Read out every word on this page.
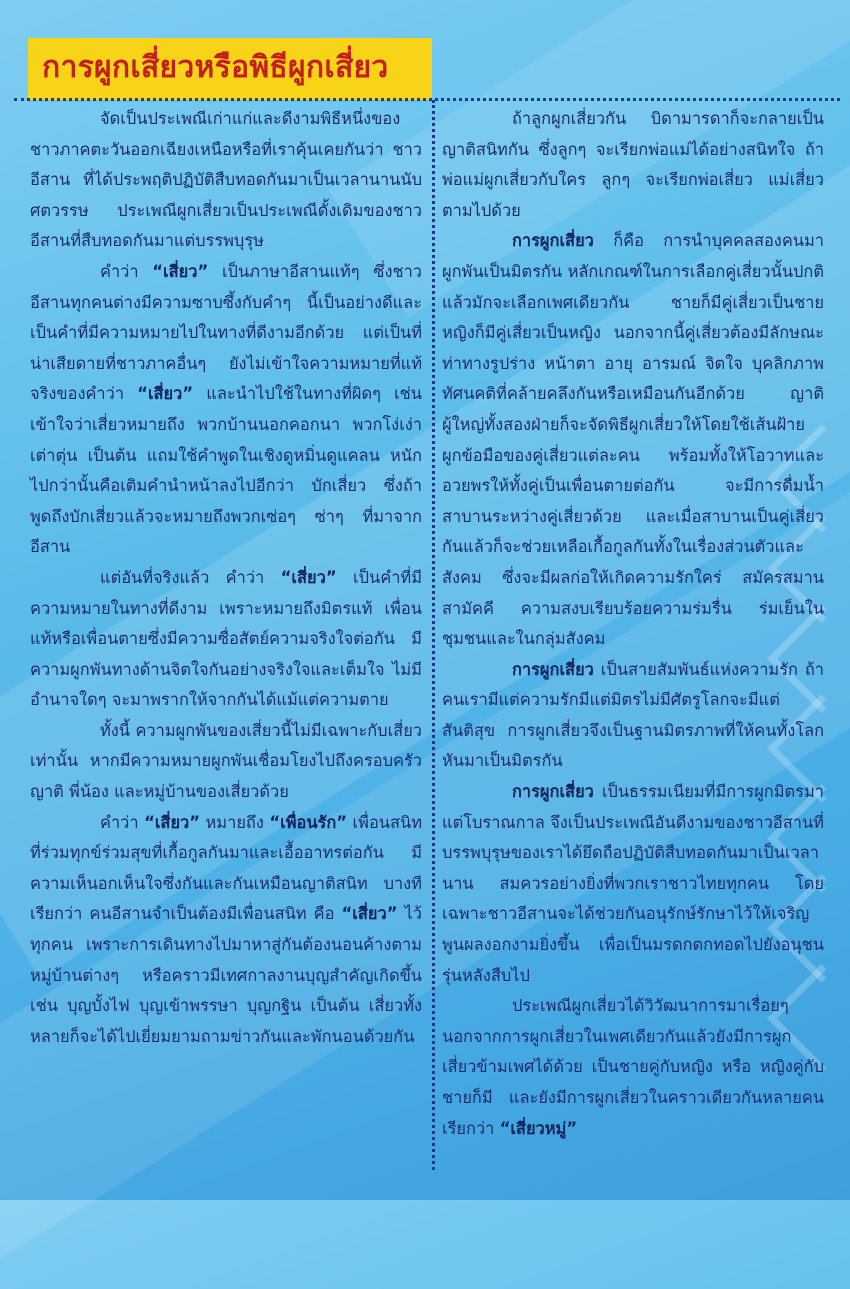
การผูกเสี่ยวหรือพิธีผูกเสี่ยว

จัดเป็นประเพณีเก่าแก่และดีงามพิธีหนึ่งของชาวภาคตะวันออกเฉียงเหนือหรือที่เราคุ้นเคยกันว่า ชาวอีสาน ที่ได้ประพฤติปฏิบัติสืบทอดกันมาเป็นเวลานานนับศตวรรษ ประเพณีผูกเสี่ยวเป็นประเพณีดั้งเดิมของชาวอีสานที่สืบทอดกันมาแต่บรรพบุรุษ

คำว่า “เสี่ยว” เป็นภาษาอีสานแท้ๆ ซึ่งชาวอีสานทุกคนต่างมีความซาบซึ้งกับคำๆ นี้เป็นอย่างดีและเป็นคำที่มีความหมายไปในทางที่ดีงามอีกด้วย แต่เป็นที่น่าเสียดายที่ชาวภาคอื่นๆ ยังไม่เข้าใจความหมายที่แท้จริงของคำว่า “เสี่ยว” และนำไปใช้ในทางที่ผิดๆ เช่น เข้าใจว่าเสี่ยวหมายถึง พวกบ้านนอกคอกนา พวกโง่เง่าเต่าตุ่น เป็นต้น แถมใช้คำพูดในเชิงดูหมิ่นดูแคลน หนักไปกว่านั้นคือเติมคำนำหน้าลงไปอีกว่า บักเสี่ยว ซึ่งถ้า พูดถึงบักเสี่ยวแล้วจะหมายถึงพวกเซ่อๆ ซ่าๆ ที่มาจากอีสาน

แต่อันที่จริงแล้ว คำว่า “เสี่ยว” เป็นคำที่มีความหมายในทางที่ดีงาม เพราะหมายถึงมิตรแท้ เพื่อนแท้หรือเพื่อนตายซึ่งมีความซื่อสัตย์ความจริงใจต่อกัน มีความผูกพันทางด้านจิตใจกันอย่างจริงใจและเต็มใจ ไม่มีอำนาจใดๆ จะมาพรากให้จากกันได้แม้แต่ความตาย

ทั้งนี้ ความผูกพันของเสี่ยวนี้ไม่มีเฉพาะกับเสี่ยวเท่านั้น หากมีความหมายผูกพันเชื่อมโยงไปถึงครอบครัว ญาติ พี่น้อง และหมู่บ้านของเสี่ยวด้วย

คำว่า “เสี่ยว” หมายถึง “เพื่อนรัก” เพื่อนสนิทที่ร่วมทุกข์ร่วมสุขที่เกื้อกูลกันมาและเอื้ออาทรต่อกัน มีความเห็นอกเห็นใจซึ่งกันและกันเหมือนญาติสนิท บางทีเรียกว่า คนอีสานจำเป็นต้องมีเพื่อนสนิท คือ “เสี่ยว” ไว้ทุกคน เพราะการเดินทางไปมาหาสู่กันต้องนอนค้างตามหมู่บ้านต่างๆ หรือคราวมีเทศกาลงานบุญสำคัญเกิดขึ้น เช่น บุญบั้งไฟ บุญเข้าพรรษา บุญกฐิน เป็นต้น เสี่ยวทั้งหลายก็จะได้ไปเยี่ยมยามถามข่าวกันและพักนอนด้วยกัน

ถ้าลูกผูกเสี่ยวกัน บิดามารดาก็จะกลายเป็นญาติสนิทกัน ซึ่งลูกๆ จะเรียกพ่อแม่ได้อย่างสนิทใจ ถ้าพ่อแม่ผูกเสี่ยวกับใคร ลูกๆ จะเรียกพ่อเสี่ยว แม่เสี่ยวตามไปด้วย

การผูกเสี่ยว ก็คือ การนำบุคคลสองคนมาผูกพันเป็นมิตรกัน หลักเกณฑ์ในการเลือกคู่เสี่ยวนั้นปกติแล้วมักจะเลือกเพศเดียวกัน ชายก็มีคู่เสี่ยวเป็นชาย หญิงก็มีคู่เสี่ยวเป็นหญิง นอกจากนี้คู่เสี่ยวต้องมีลักษณะ ท่าทางรูปร่าง หน้าตา อายุ อารมณ์ จิตใจ บุคลิกภาพ ทัศนคติที่คล้ายคลึงกันหรือเหมือนกันอีกด้วย ญาติผู้ใหญ่ทั้งสองฝ่ายก็จะจัดพิธีผูกเสี่ยวให้โดยใช้เส้นฝ้ายผูกข้อมือของคู่เสี่ยวแต่ละคน พร้อมทั้งให้โอวาทและอวยพรให้ทั้งคู่เป็นเพื่อนตายต่อกัน จะมีการดื่มน้ำสาบานระหว่างคู่เสี่ยวด้วย และเมื่อสาบานเป็นคู่เสี่ยวกันแล้วก็จะช่วยเหลือเกื้อกูลกันทั้งในเรื่องส่วนตัวและสังคม ซึ่งจะมีผลก่อให้เกิดความรักใคร่ สมัครสมานสามัคคี ความสงบเรียบร้อยความร่มรื่น ร่มเย็นในชุมชนและในกลุ่มสังคม

การผูกเสี่ยว เป็นสายสัมพันธ์แห่งความรัก ถ้าคนเรามีแต่ความรักมีแต่มิตรไม่มีศัตรูโลกจะมีแต่สันติสุข การผูกเสี่ยวจึงเป็นฐานมิตรภาพที่ให้คนทั้งโลกหันมาเป็นมิตรกัน

การผูกเสี่ยว เป็นธรรมเนียมที่มีการผูกมิตรมาแต่โบราณกาล จึงเป็นประเพณีอันดีงามของชาวอีสานที่บรรพบุรุษของเราได้ยึดถือปฏิบัติสืบทอดกันมาเป็นเวลานาน สมควรอย่างยิ่งที่พวกเราชาวไทยทุกคน โดยเฉพาะชาวอีสานจะได้ช่วยกันอนุรักษ์รักษาไว้ให้เจริญพูนผลงอกงามยิ่งขึ้น เพื่อเป็นมรดกตกทอดไปยังอนุชนรุ่นหลังสืบไป

ประเพณีผูกเสี่ยวได้วิวัฒนาการมาเรื่อยๆ นอกจากการผูกเสี่ยวในเพศเดียวกันแล้วยังมีการผูกเสี่ยวข้ามเพศได้ด้วย เป็นชายคู่กับหญิง หรือ หญิงคู่กับชายก็มี และยังมีการผูกเสี่ยวในคราวเดียวกันหลายคน เรียกว่า “เสี่ยวหมู่”
